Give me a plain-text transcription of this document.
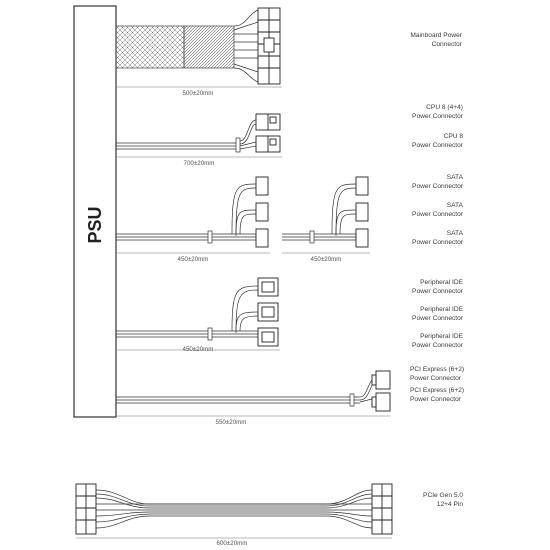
PSU
Mainboard Power
Connector
CPU 8 (4+4)
Power Connector
CPU 8
Power Connector
SATA
Power Connector
SATA
Power Connector
SATA
Power Connector
Peripheral IDE
Power Connector
Peripheral IDE
Power Connector
Peripheral IDE
Power Connector
PCI Express (6+2)
Power Connector
PCI Express (6+2)
Power Connector
PCIe Gen 5.0
12+4 Pin
500±20mm
700±20mm
450±20mm	450±20mm
450±20mm
550±20mm
600±20mm
